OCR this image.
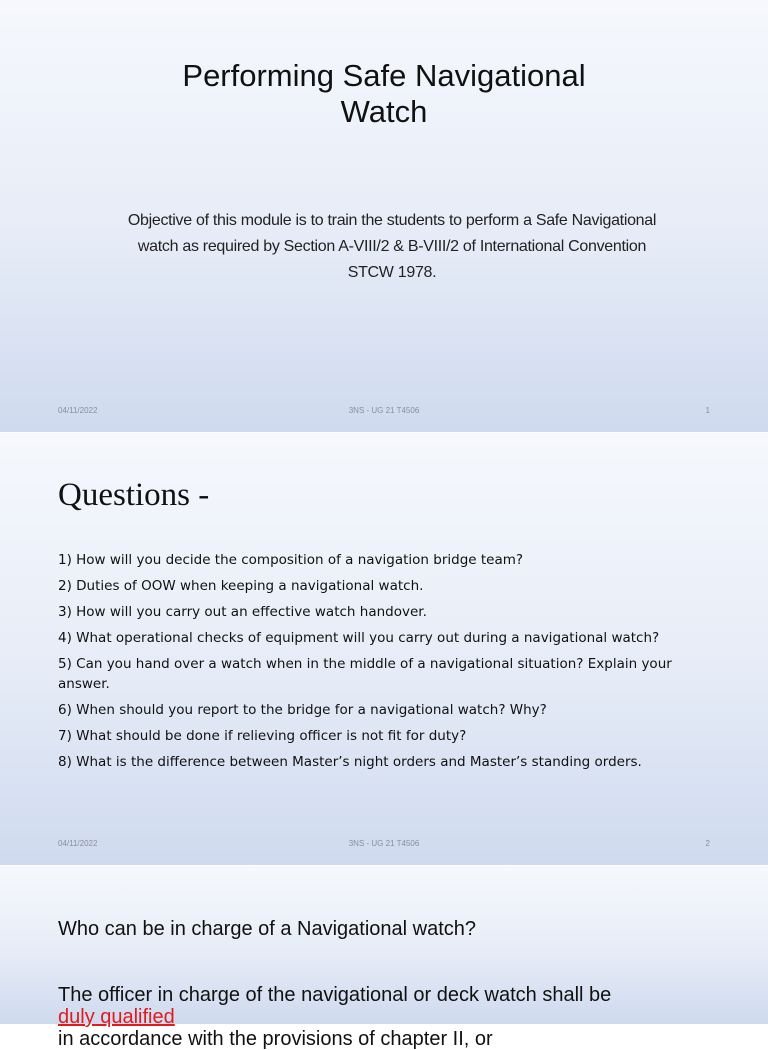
Performing Safe Navigational
Watch
Objective of this module is to train the students to perform a Safe Navigational
watch as required by Section A-VIII/2 & B-VIII/2 of International Convention
STCW 1978.
04/11/2022	3NS - UG 21 T4506	1
Questions -
1) How will you decide the composition of a navigation bridge team?
2) Duties of OOW when keeping a navigational watch.
3) How will you carry out an effective watch handover.
4) What operational checks of equipment will you carry out during a navigational watch?
5) Can you hand over a watch when in the middle of a navigational situation? Explain your answer.
6) When should you report to the bridge for a navigational watch? Why?
7) What should be done if relieving officer is not fit for duty?
8) What is the difference between Master’s night orders and Master’s standing orders.
04/11/2022	3NS - UG 21 T4506	2
Who can be in charge of a Navigational watch?
The officer in charge of the navigational or deck watch shall be
duly qualified
in accordance with the provisions of chapter II, or
